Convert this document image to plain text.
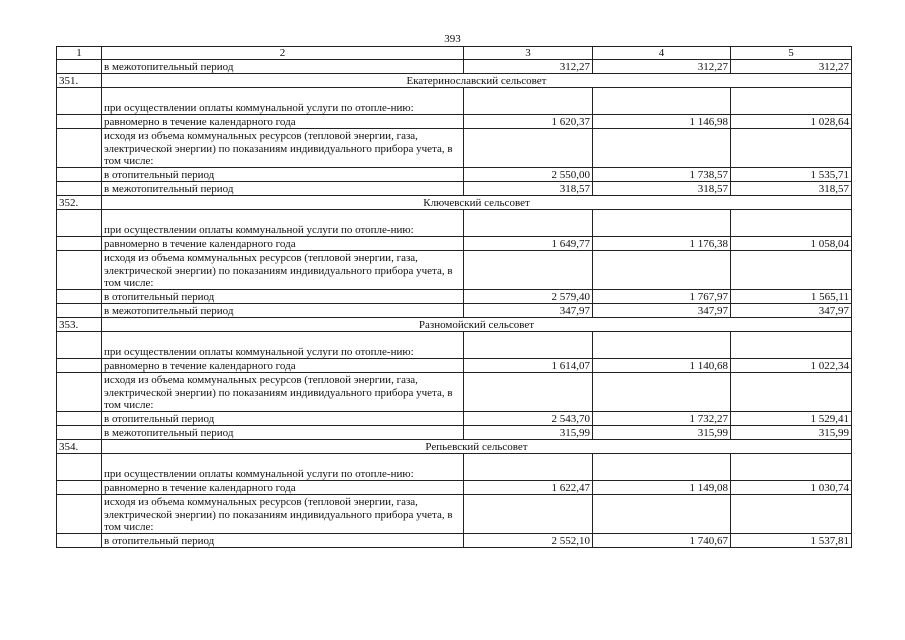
393
1	2	3	4	5
	в межотопительный период	312,27	312,27	312,27
351.	Екатеринославский сельсовет			
	при осуществлении оплаты коммунальной услуги по отопле-нию:			
	равномерно в течение календарного года	1 620,37	1 146,98	1 028,64
	исходя из объема коммунальных ресурсов (тепловой энергии, газа, электрической энергии) по показаниям индивидуального прибора учета, в том числе:			
	в отопительный период	2 550,00	1 738,57	1 535,71
	в межотопительный период	318,57	318,57	318,57
352.	Ключевский сельсовет			
	при осуществлении оплаты коммунальной услуги по отопле-нию:			
	равномерно в течение календарного года	1 649,77	1 176,38	1 058,04
	исходя из объема коммунальных ресурсов (тепловой энергии, газа, электрической энергии) по показаниям индивидуального прибора учета, в том числе:			
	в отопительный период	2 579,40	1 767,97	1 565,11
	в межотопительный период	347,97	347,97	347,97
353.	Разномойский сельсовет			
	при осуществлении оплаты коммунальной услуги по отопле-нию:			
	равномерно в течение календарного года	1 614,07	1 140,68	1 022,34
	исходя из объема коммунальных ресурсов (тепловой энергии, газа, электрической энергии) по показаниям индивидуального прибора учета, в том числе:			
	в отопительный период	2 543,70	1 732,27	1 529,41
	в межотопительный период	315,99	315,99	315,99
354.	Репьевский сельсовет			
	при осуществлении оплаты коммунальной услуги по отопле-нию:			
	равномерно в течение календарного года	1 622,47	1 149,08	1 030,74
	исходя из объема коммунальных ресурсов (тепловой энергии, газа, электрической энергии) по показаниям индивидуального прибора учета, в том числе:			
	в отопительный период	2 552,10	1 740,67	1 537,81
